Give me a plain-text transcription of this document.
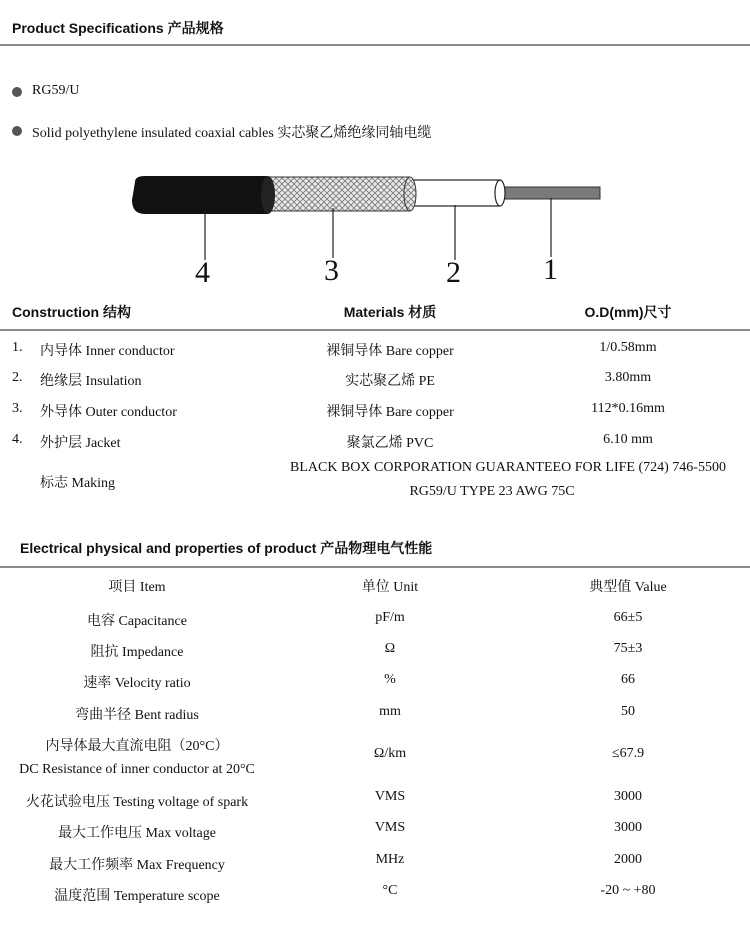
Product Specifications 产品规格
RG59/U
Solid polyethylene insulated coaxial cables 实芯聚乙烯绝缘同轴电缆
4	3	2	1
Construction 结构	Materials 材质	O.D(mm)尺寸
1. 内导体 Inner conductor	裸铜导体 Bare copper	1/0.58mm
2. 绝缘层 Insulation	实芯聚乙烯 PE	3.80mm
3. 外导体 Outer conductor	裸铜导体 Bare copper	112*0.16mm
4. 外护层 Jacket	聚氯乙烯 PVC	6.10 mm
标志 Making
BLACK BOX CORPORATION GUARANTEEO FOR LIFE (724) 746-5500
RG59/U TYPE 23 AWG 75C
Electrical physical and properties of product 产品物理电气性能
项目 Item	单位 Unit	典型值 Value
电容 Capacitance	pF/m	66±5
阻抗 Impedance	Ω	75±3
速率 Velocity ratio	%	66
弯曲半径 Bent radius	mm	50
内导体最大直流电阻（20°C）
DC Resistance of inner conductor at 20°C
Ω/km	≤67.9
火花试验电压 Testing voltage of spark	VMS	3000
最大工作电压 Max voltage	VMS	3000
最大工作频率 Max Frequency	MHz	2000
温度范围 Temperature scope	°C	-20 ~ +80
